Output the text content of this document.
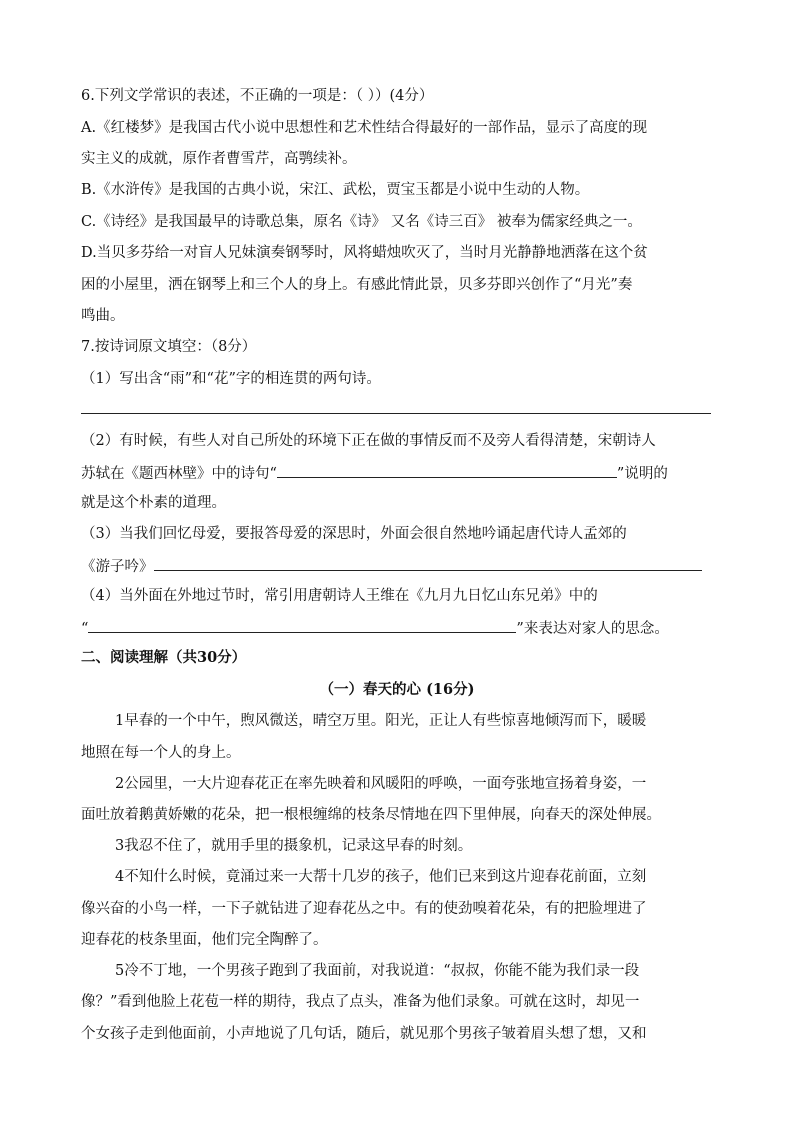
6.下列文学常识的表述，不正确的一项是：（ ））(4分）
A.《红楼梦》是我国古代小说中思想性和艺术性结合得最好的一部作品，显示了高度的现
实主义的成就，原作者曹雪芹，高鹗续补。
B.《水浒传》是我国的古典小说，宋江、武松，贾宝玉都是小说中生动的人物。
C.《诗经》是我国最早的诗歌总集，原名《诗》 又名《诗三百》 被奉为儒家经典之一。
D.当贝多芬给一对盲人兄妹演奏钢琴时，风将蜡烛吹灭了，当时月光静静地洒落在这个贫
困的小屋里，洒在钢琴上和三个人的身上。有感此情此景，贝多芬即兴创作了“月光”奏
鸣曲。
7.按诗词原文填空：（8分）
（1）写出含“雨”和“花”字的相连贯的两句诗。
（2）有时候，有些人对自己所处的环境下正在做的事情反而不及旁人看得清楚，宋朝诗人
苏轼在《题西林壁》中的诗句“	”说明的
就是这个朴素的道理。
（3）当我们回忆母爱，要报答母爱的深思时，外面会很自然地吟诵起唐代诗人孟郊的
《游子吟》
（4）当外面在外地过节时，常引用唐朝诗人王维在《九月九日忆山东兄弟》中的
“	”来表达对家人的思念。
二、阅读理解（共30分）
（一）春天的心 (16分)
1早春的一个中午，煦风微送，晴空万里。阳光，正让人有些惊喜地倾泻而下，暖暖
地照在每一个人的身上。
2公园里，一大片迎春花正在率先映着和风暖阳的呼唤，一面夸张地宣扬着身姿，一
面吐放着鹅黄娇嫩的花朵，把一根根缠绵的枝条尽情地在四下里伸展，向春天的深处伸展。
3我忍不住了，就用手里的摄象机，记录这早春的时刻。
4不知什么时候，竟涌过来一大帮十几岁的孩子，他们已来到这片迎春花前面，立刻
像兴奋的小鸟一样，一下子就钻进了迎春花丛之中。有的使劲嗅着花朵，有的把脸埋进了
迎春花的枝条里面，他们完全陶醉了。
5冷不丁地，一个男孩子跑到了我面前，对我说道：“叔叔，你能不能为我们录一段
像？”看到他脸上花苞一样的期待，我点了点头，准备为他们录象。可就在这时，却见一
个女孩子走到他面前，小声地说了几句话，随后，就见那个男孩子皱着眉头想了想，又和
